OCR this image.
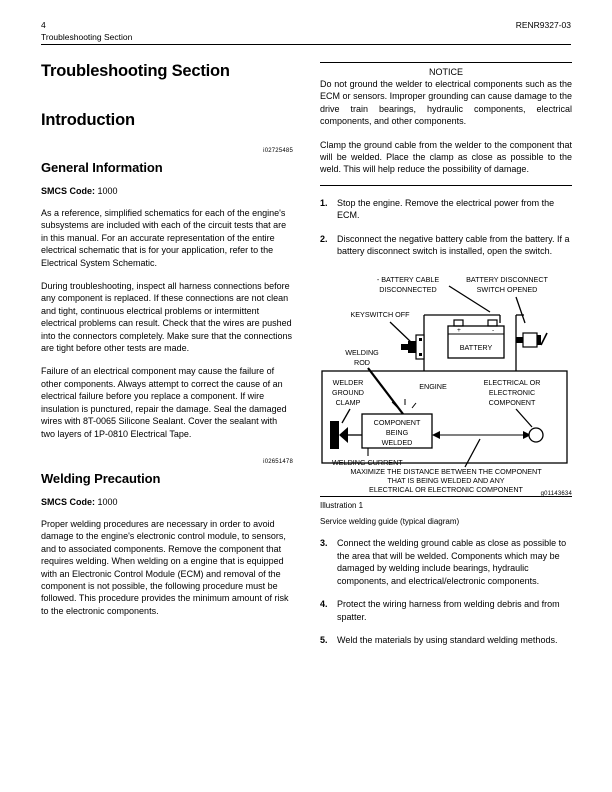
4
Troubleshooting Section
RENR9327-03
Troubleshooting Section
Introduction
i02725485
General Information
SMCS Code: 1000

As a reference, simplified schematics for each of the engine's subsystems are included with each of the circuit tests that are in this manual. For an accurate representation of the entire electrical schematic that is for your application, refer to the Electrical System Schematic.

During troubleshooting, inspect all harness connections before any component is replaced. If these connections are not clean and tight, continuous electrical problems or intermittent electrical problems can result. Check that the wires are pushed into the connectors completely. Make sure that the connections are tight before other tests are made.

Failure of an electrical component may cause the failure of other components. Always attempt to correct the cause of an electrical failure before you replace a component. If wire insulation is punctured, repair the damage. Seal the damaged wires with 8T-0065 Silicone Sealant. Cover the sealant with two layers of 1P-0810 Electrical Tape.

i02651478
Welding Precaution
SMCS Code: 1000

Proper welding procedures are necessary in order to avoid damage to the engine's electronic control module, to sensors, and to associated components. Remove the component that requires welding. When welding on a engine that is equipped with an Electronic Control Module (ECM) and removal of the component is not possible, the following procedure must be followed. This procedure provides the minimum amount of risk to the electronic components.

NOTICE

Do not ground the welder to electrical components such as the ECM or sensors. Improper grounding can cause damage to the drive train bearings, hydraulic components, electrical components, and other components.

Clamp the ground cable from the welder to the component that will be welded. Place the clamp as close as possible to the weld. This will help reduce the possibility of damage.

1. Stop the engine. Remove the electrical power from the ECM.
2. Disconnect the negative battery cable from the battery. If a battery disconnect switch is installed, open the switch.
- BATTERY CABLE
DISCONNECTED
BATTERY DISCONNECT
SWITCH OPENED
KEYSWITCH OFF
WELDING
ROD
+	-
BATTERY
WELDER
GROUND
CLAMP
ENGINE	ELECTRICAL OR
ELECTRONIC
COMPONENT
COMPONENT
BEING
WELDED
WELDING CURRENT
MAXIMIZE THE DISTANCE BETWEEN THE COMPONENT
THAT IS BEING WELDED AND ANY
ELECTRICAL OR ELECTRONIC COMPONENT	g01143634
Illustration 1
Service welding guide (typical diagram)
3. Connect the welding ground cable as close as possible to the area that will be welded. Components which may be damaged by welding include bearings, hydraulic components, and electrical/electronic components.
4. Protect the wiring harness from welding debris and from spatter.
5. Weld the materials by using standard welding methods.
